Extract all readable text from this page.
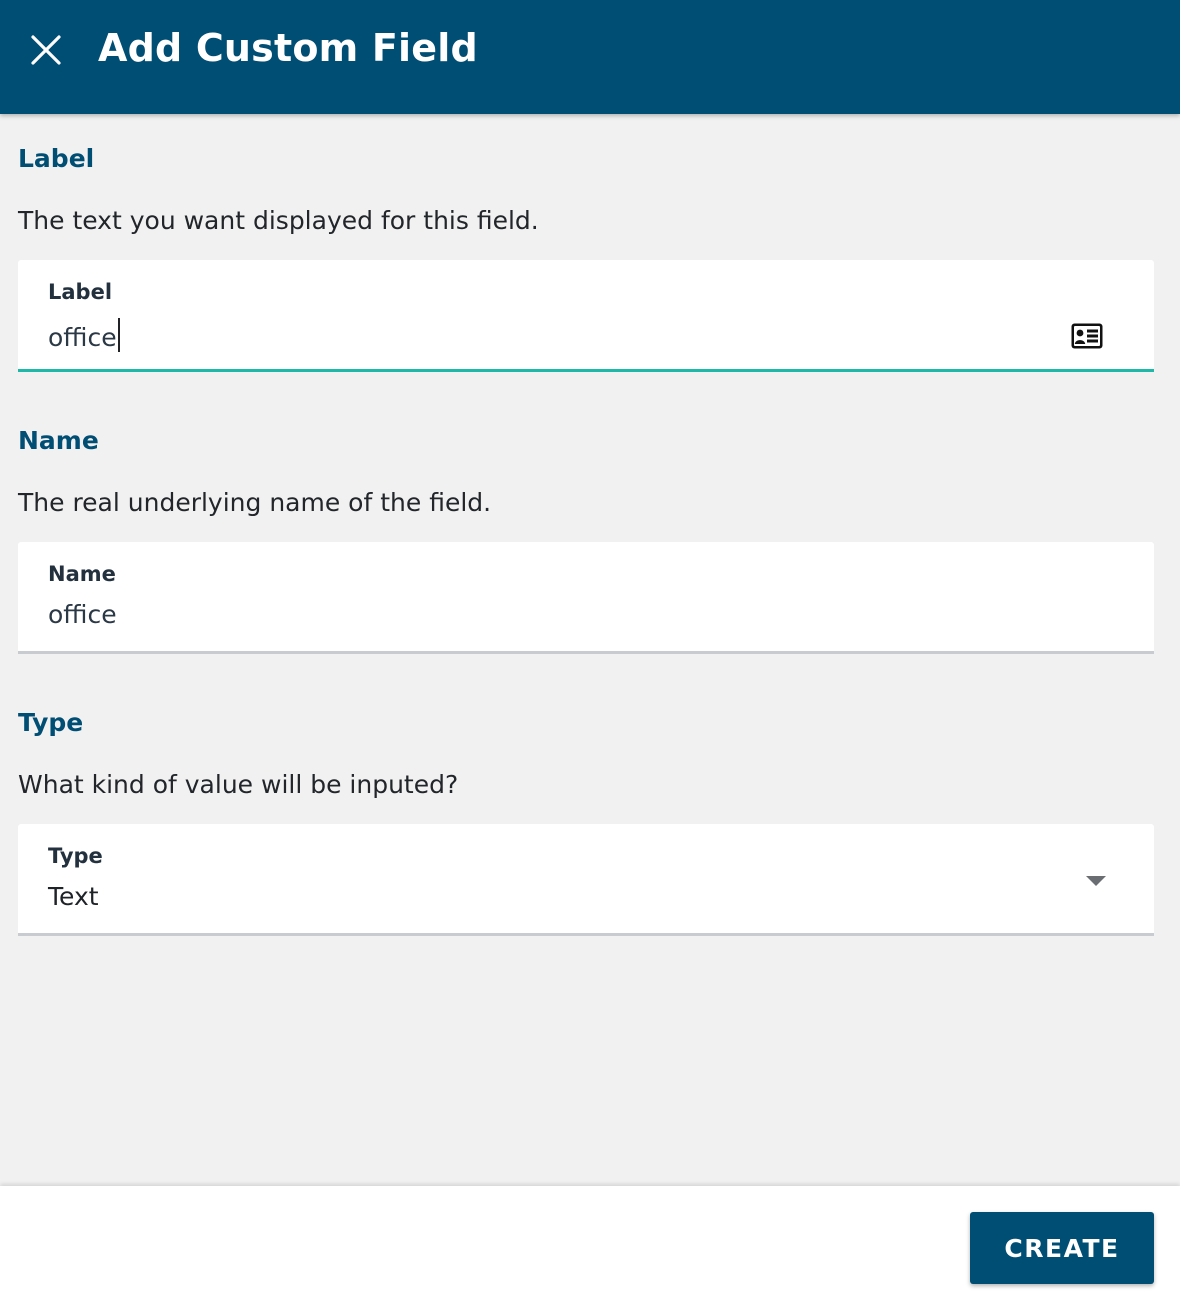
Add Custom Field
Label
The text you want displayed for this field.
Label
office
Name
The real underlying name of the field.
Name
office
Type
What kind of value will be inputed?
Type
Text
CREATE
